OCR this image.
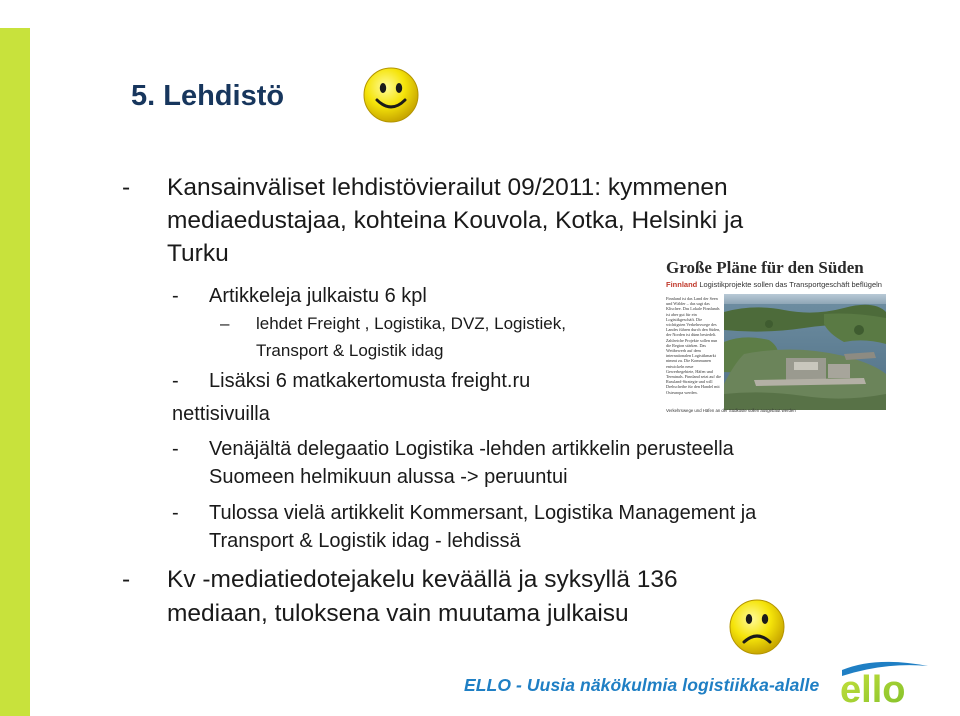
5. Lehdistö
- Kansainväliset lehdistövierailut 09/2011: kymmenen
mediaedustajaa, kohteina Kouvola, Kotka, Helsinki ja
Turku
- Artikkeleja julkaistu 6 kpl
– lehdet Freight , Logistika, DVZ, Logistiek,
Transport & Logistik idag
- Lisäksi 6 matkakertomusta freight.ru
nettisivuilla
- Venäjältä delegaatio Logistika -lehden artikkelin perusteella
Suomeen helmikuun alussa -> peruuntui
- Tulossa vielä artikkelit Kommersant, Logistika Management ja
Transport & Logistik idag - lehdissä
- Kv -mediatiedotejakelu keväällä ja syksyllä 136
mediaan, tuloksena vain muutama julkaisu
Große Pläne für den Süden
Finnland Logistikprojekte sollen das Transportgeschäft beflügeln
Finnland ist das Land der Seen und Wälder – das sagt das Klischee. Das Lokale Finnlands ist aber gut für ein Logistikgeschäft. Die wichtigsten Verkehrswege des Landes führen durch den Süden, der Norden ist dünn besiedelt. Zahlreiche Projekte sollen nun die Region stärken. Das Wettbewerb auf dem internationalen Logistikmarkt nimmt zu. Die Kommunen entwickeln neue Gewerbegebiete, Häfen und Terminals. Finnland setzt auf die Russland-Strategie und will Drehscheibe für den Handel mit Osteuropa werden.
Verkehrswege und Häfen an der Südküste sollen ausgebaut werden
ELLO - Uusia näkökulmia logistiikka-alalle ello
